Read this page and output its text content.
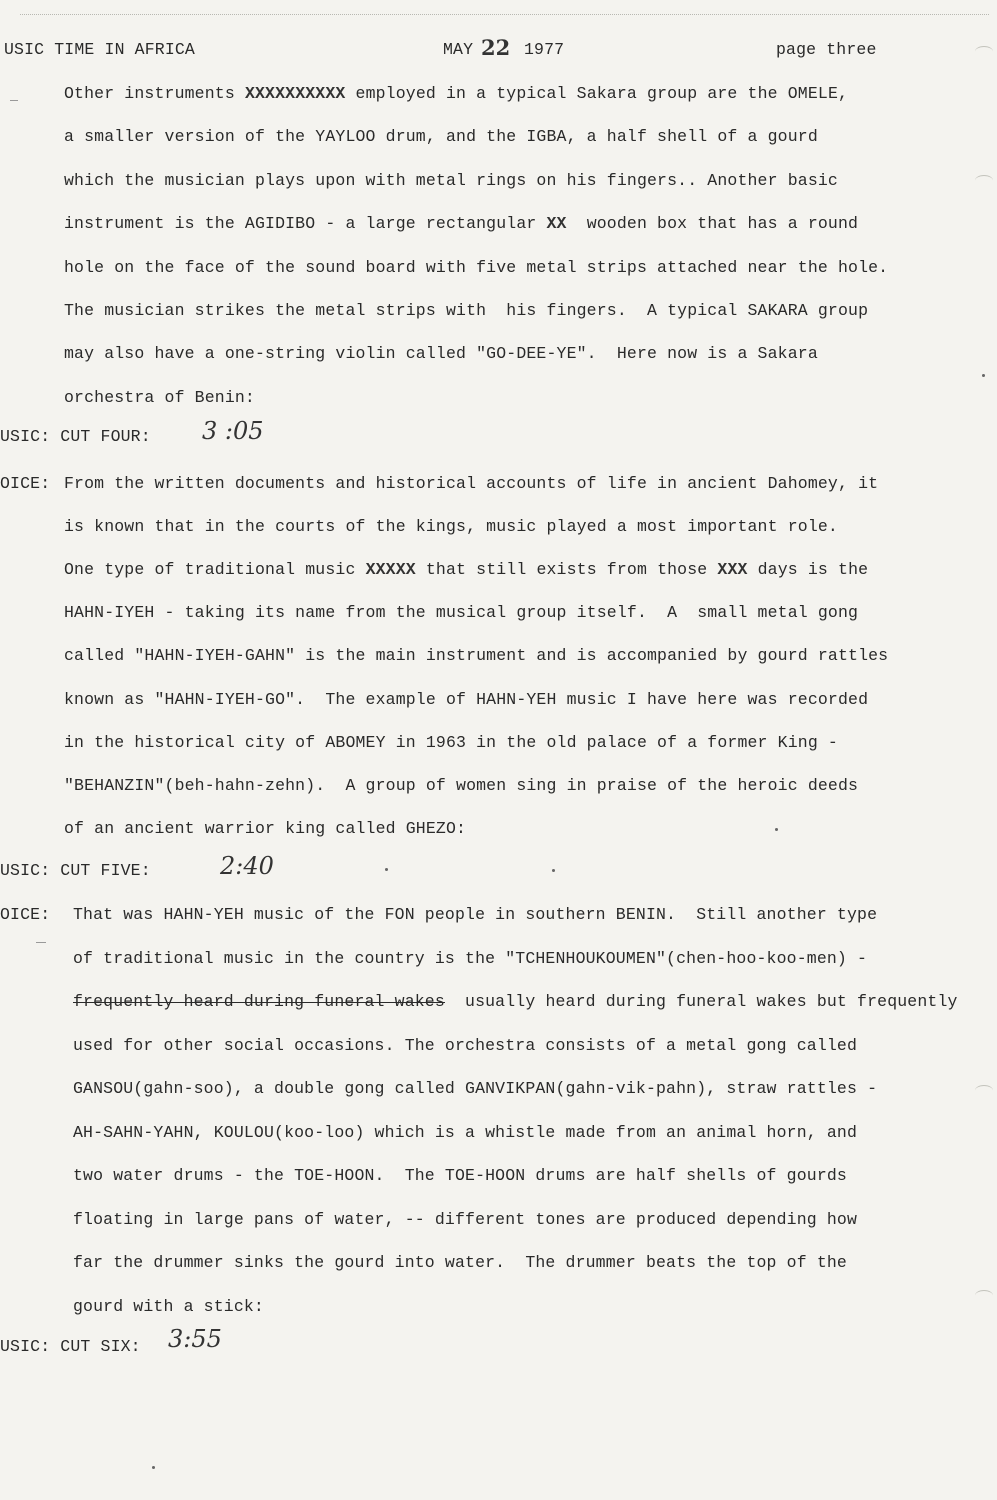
USIC TIME IN AFRICA	MAY 22 1977	page three
Other instruments XXXXXXXXXX employed in a typical Sakara group are the OMELE,
a smaller version of the YAYLOO drum, and the IGBA, a half shell of a gourd
which the musician plays upon with metal rings on his fingers.. Another basic
instrument is the AGIDIBO - a large rectangular XX  wooden box that has a round
hole on the face of the sound board with five metal strips attached near the hole.
The musician strikes the metal strips with  his fingers.  A typical SAKARA group
may also have a one-string violin called "GO-DEE-YE".  Here now is a Sakara
orchestra of Benin:
USIC: CUT FOUR: 3 :05
OICE: From the written documents and historical accounts of life in ancient Dahomey, it
is known that in the courts of the kings, music played a most important role.
One type of traditional music XXXXX that still exists from those XXX days is the
HAHN-IYEH - taking its name from the musical group itself.  A  small metal gong
called "HAHN-IYEH-GAHN" is the main instrument and is accompanied by gourd rattles
known as "HAHN-IYEH-GO".  The example of HAHN-YEH music I have here was recorded
in the historical city of ABOMEY in 1963 in the old palace of a former King -
"BEHANZIN"(beh-hahn-zehn).  A group of women sing in praise of the heroic deeds
of an ancient warrior king called GHEZO:
USIC: CUT FIVE:	2:40
OICE: That was HAHN-YEH music of the FON people in southern BENIN.  Still another type
of traditional music in the country is the "TCHENHOUKOUMEN"(chen-hoo-koo-men) -
frequently heard during funeral wakes  usually heard during funeral wakes but frequently
used for other social occasions. The orchestra consists of a metal gong called
GANSOU(gahn-soo), a double gong called GANVIKPAN(gahn-vik-pahn), straw rattles -
AH-SAHN-YAHN, KOULOU(koo-loo) which is a whistle made from an animal horn, and
two water drums - the TOE-HOON.  The TOE-HOON drums are half shells of gourds
floating in large pans of water, -- different tones are produced depending how
far the drummer sinks the gourd into water.  The drummer beats the top of the
gourd with a stick:
USIC: CUT SIX: 3:55
